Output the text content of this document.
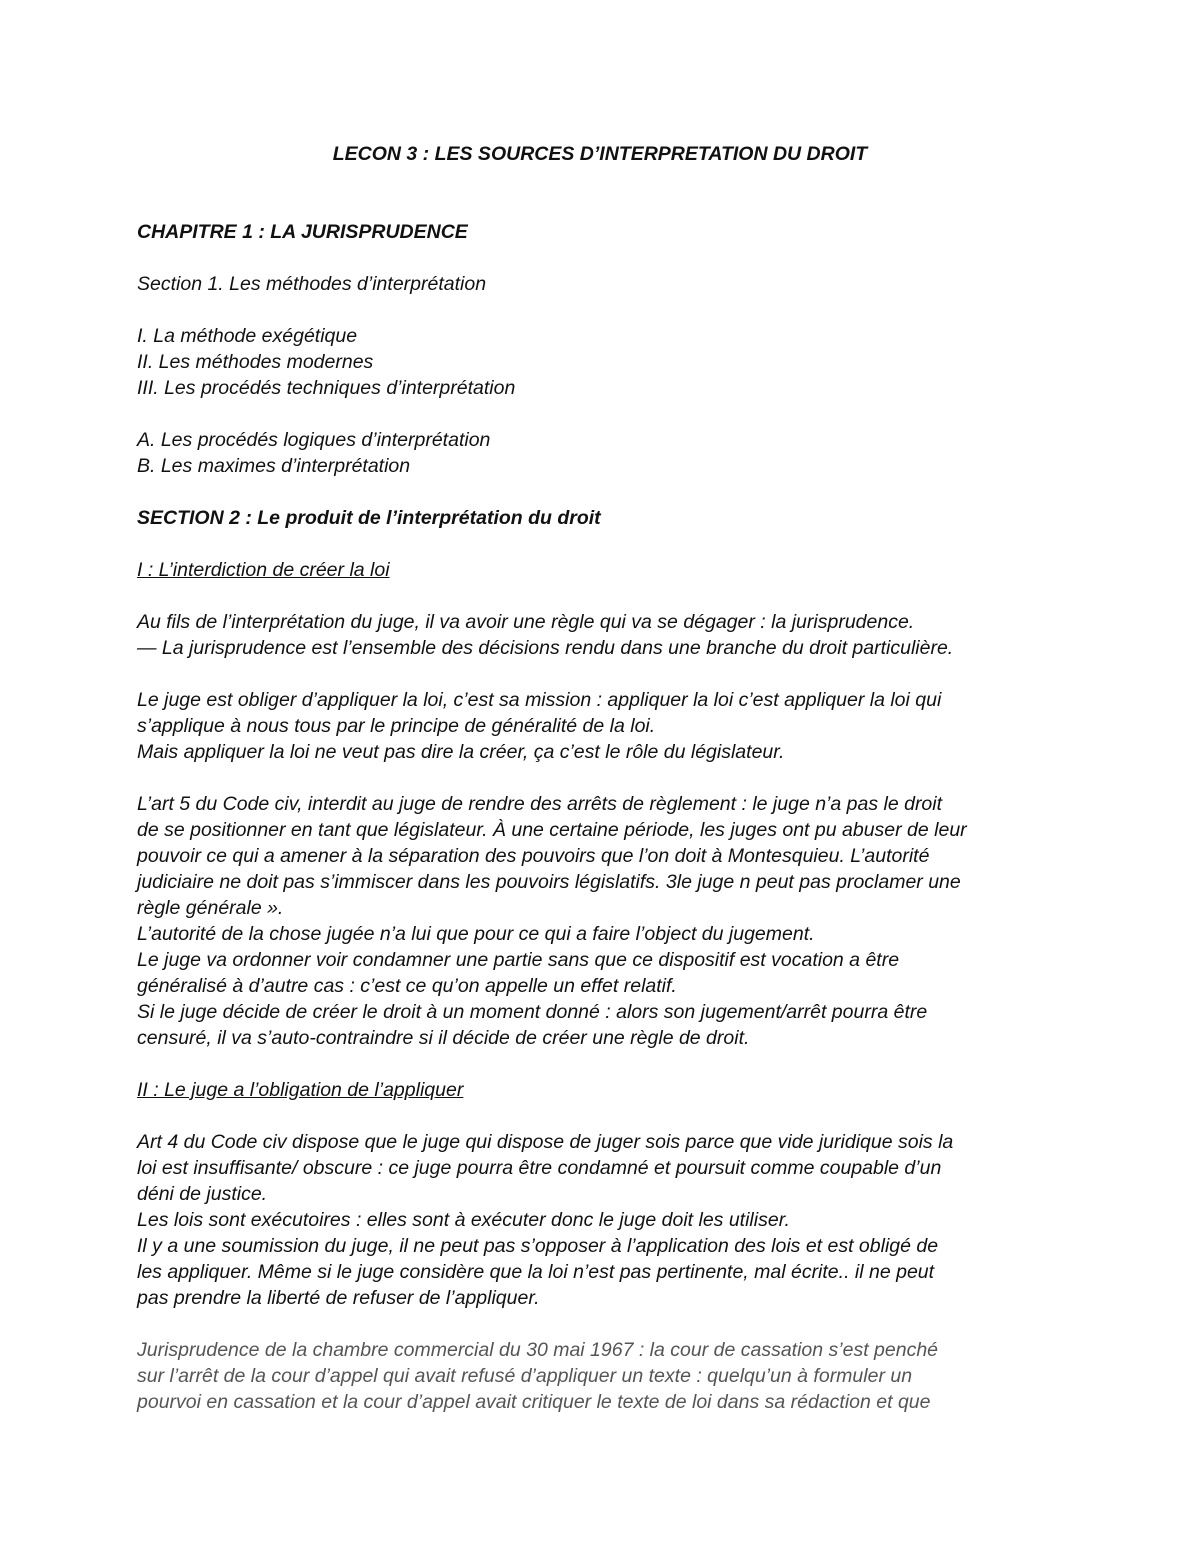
LECON 3 : LES SOURCES D’INTERPRETATION DU DROIT
CHAPITRE 1 : LA JURISPRUDENCE
Section 1. Les méthodes d’interprétation
I. La méthode exégétique
II. Les méthodes modernes
III. Les procédés techniques d’interprétation
A. Les procédés logiques d’interprétation
B. Les maximes d’interprétation
SECTION 2 : Le produit de l’interprétation du droit
I : L’interdiction de créer la loi
Au fils de l’interprétation du juge, il va avoir une règle qui va se dégager : la jurisprudence.
— La jurisprudence est l’ensemble des décisions rendu dans une branche du droit particulière.
Le juge est obliger d’appliquer la loi, c’est sa mission : appliquer la loi c’est appliquer la loi qui
s’applique à nous tous par le principe de généralité de la loi.
Mais appliquer la loi ne veut pas dire la créer, ça c’est le rôle du législateur.
L’art 5 du Code civ, interdit au juge de rendre des arrêts de règlement : le juge n’a pas le droit
de se positionner en tant que législateur. À une certaine période, les juges ont pu abuser de leur
pouvoir ce qui a amener à la séparation des pouvoirs que l’on doit à Montesquieu. L’autorité
judiciaire ne doit pas s’immiscer dans les pouvoirs législatifs. 3le juge n peut pas proclamer une
règle générale ».
L’autorité de la chose jugée n’a lui que pour ce qui a faire l’object du jugement.
Le juge va ordonner voir condamner une partie sans que ce dispositif est vocation a être
généralisé à d’autre cas : c’est ce qu’on appelle un effet relatif.
Si le juge décide de créer le droit à un moment donné : alors son jugement/arrêt pourra être
censuré, il va s’auto-contraindre si il décide de créer une règle de droit.
II : Le juge a l’obligation de l’appliquer
Art 4 du Code civ dispose que le juge qui dispose de juger sois parce que vide juridique sois la
loi est insuffisante/ obscure : ce juge pourra être condamné et poursuit comme coupable d’un
déni de justice.
Les lois sont exécutoires : elles sont à exécuter donc le juge doit les utiliser.
Il y a une soumission du juge, il ne peut pas s’opposer à l’application des lois et est obligé de
les appliquer. Même si le juge considère que la loi n’est pas pertinente, mal écrite.. il ne peut
pas prendre la liberté de refuser de l’appliquer.
Jurisprudence de la chambre commercial du 30 mai 1967 : la cour de cassation s’est penché
sur l’arrêt de la cour d’appel qui avait refusé d’appliquer un texte : quelqu’un à formuler un
pourvoi en cassation et la cour d’appel avait critiquer le texte de loi dans sa rédaction et que
